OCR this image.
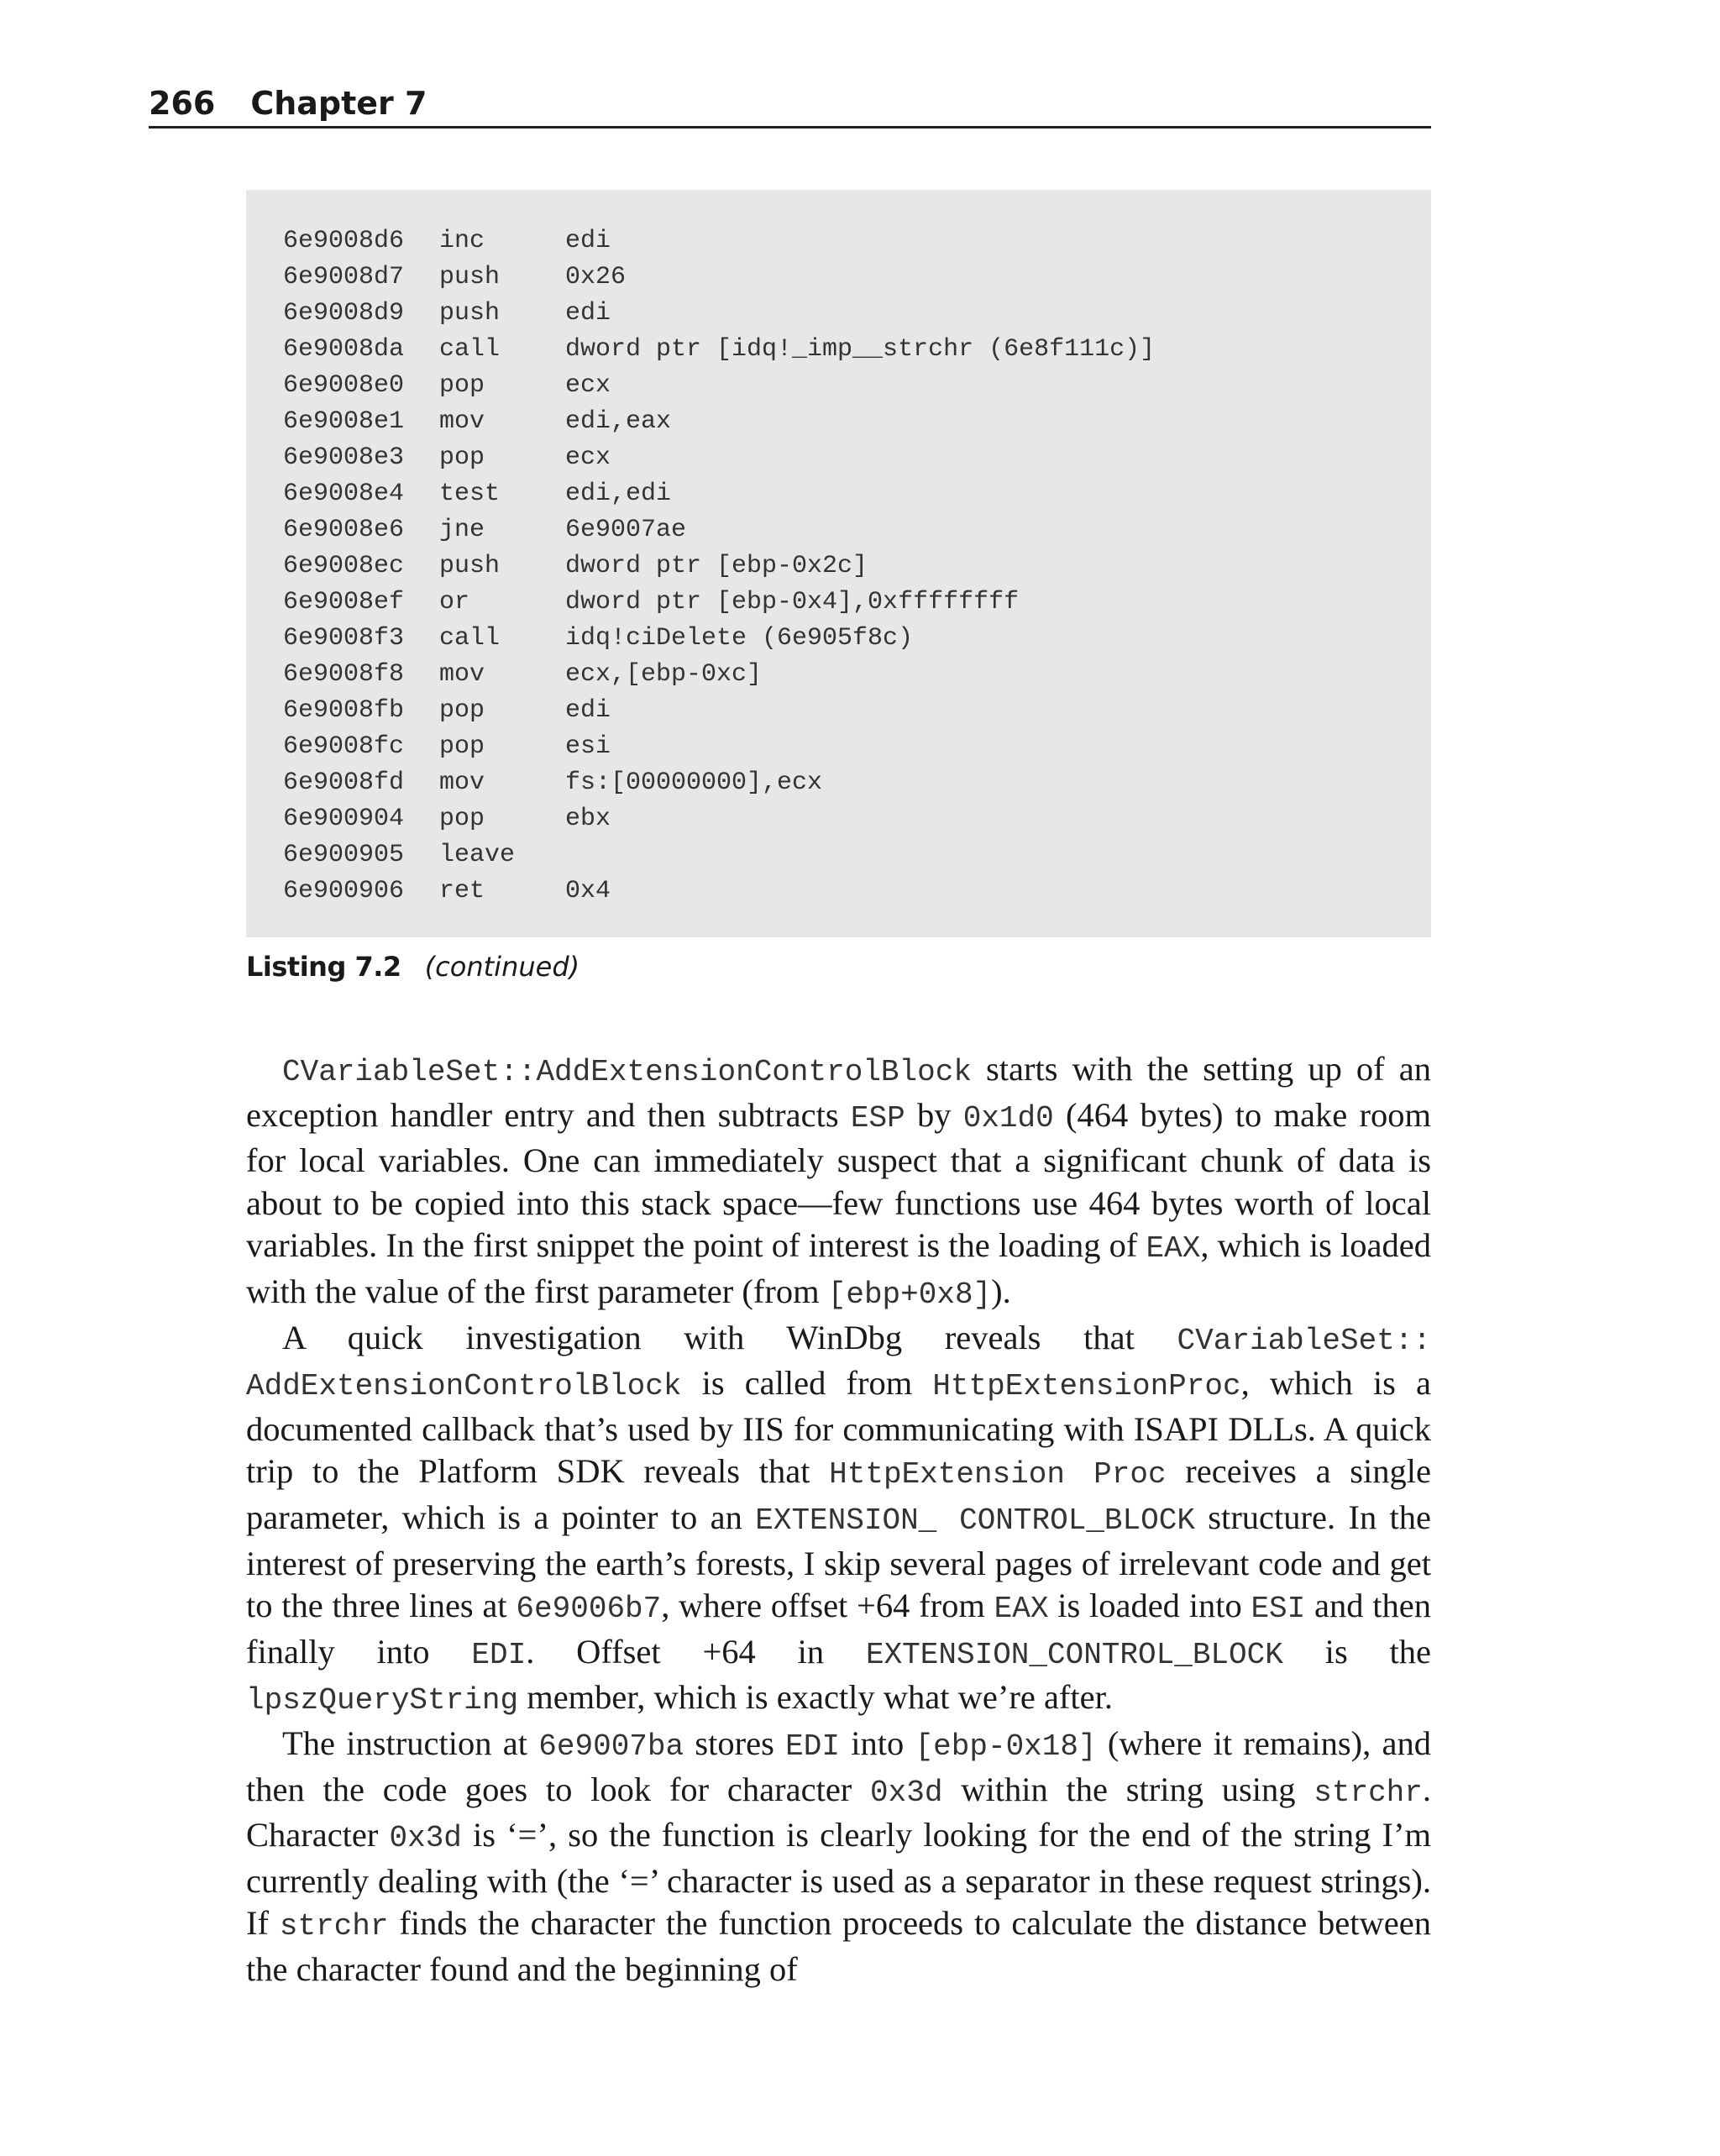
266 Chapter 7
6e9008d6 inc	edi
6e9008d7 push	0x26
6e9008d9 push	edi
6e9008da call	dword ptr [idq!_imp__strchr (6e8f111c)]
6e9008e0 pop	ecx
6e9008e1 mov	edi,eax
6e9008e3 pop	ecx
6e9008e4 test	edi,edi
6e9008e6 jne	6e9007ae
6e9008ec push	dword ptr [ebp-0x2c]
6e9008ef or	dword ptr [ebp-0x4],0xffffffff
6e9008f3 call	idq!ciDelete (6e905f8c)
6e9008f8 mov	ecx,[ebp-0xc]
6e9008fb pop	edi
6e9008fc pop	esi
6e9008fd mov	fs:[00000000],ecx
6e900904 pop	ebx
6e900905 leave
6e900906 ret	0x4
Listing 7.2 (continued)

CVariableSet::AddExtensionControlBlock starts with the setting up of an exception handler entry and then subtracts ESP by 0x1d0 (464 bytes) to make room for local variables. One can immediately suspect that a significant chunk of data is about to be copied into this stack space—few functions use 464 bytes worth of local variables. In the first snippet the point of interest is the loading of EAX, which is loaded with the value of the first parameter (from [ebp+0x8]).

A quick investigation with WinDbg reveals that CVariableSet:: AddExtensionControlBlock is called from HttpExtensionProc, which is a documented callback that’s used by IIS for communicating with ISAPI DLLs. A quick trip to the Platform SDK reveals that HttpExtension Proc receives a single parameter, which is a pointer to an EXTENSION_ CONTROL_BLOCK structure. In the interest of preserving the earth’s forests, I skip several pages of irrelevant code and get to the three lines at 6e9006b7, where offset +64 from EAX is loaded into ESI and then finally into EDI. Offset +64 in EXTENSION_CONTROL_BLOCK is the lpszQueryString member, which is exactly what we’re after.

The instruction at 6e9007ba stores EDI into [ebp-0x18] (where it remains), and then the code goes to look for character 0x3d within the string using strchr. Character 0x3d is ‘=’, so the function is clearly looking for the end of the string I’m currently dealing with (the ‘=’ character is used as a separator in these request strings). If strchr finds the character the function proceeds to calculate the distance between the character found and the beginning of
